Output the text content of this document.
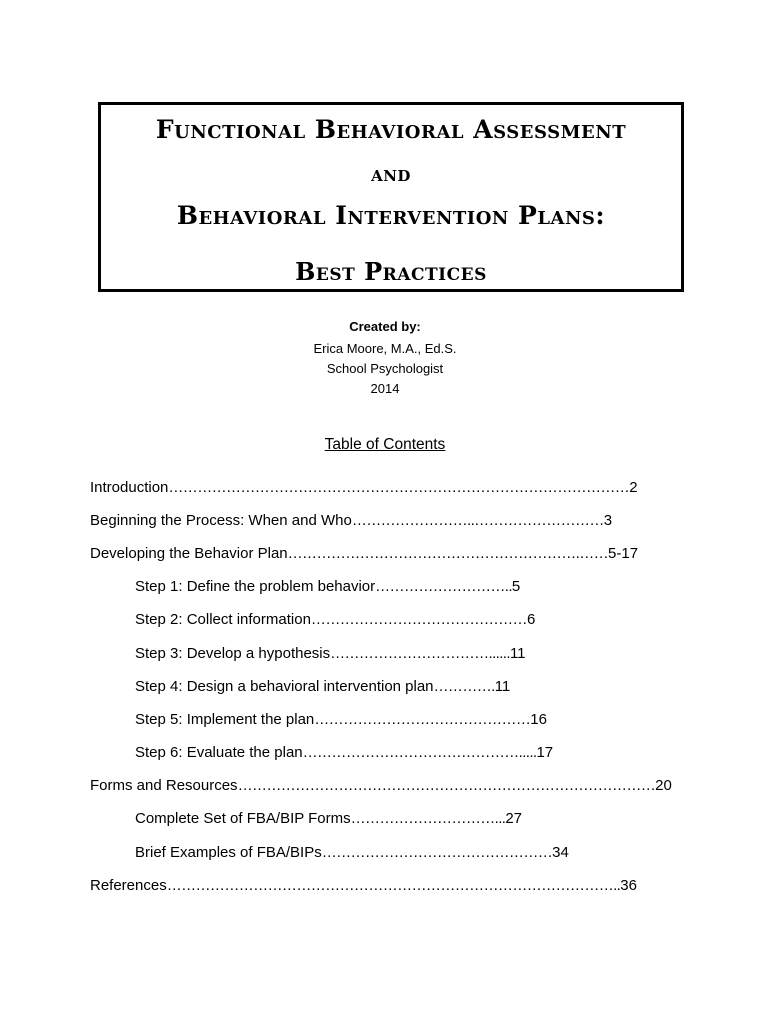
Functional Behavioral Assessment
and
Behavioral Intervention Plans:
Best Practices
Created by:
Erica Moore, M.A., Ed.S.
School Psychologist
2014
Table of Contents
Introduction……………………………………………………………………………………2
Beginning the Process: When and Who……………………..………………………3
Developing the Behavior Plan…………………………………………………….……5-17
Step 1: Define the problem behavior………………………..5
Step 2: Collect information………………………………………6
Step 3: Develop a hypothesis……………………………......11
Step 4: Design a behavioral intervention plan………….11
Step 5: Implement the plan………………………………………16
Step 6: Evaluate the plan……………………………………….....17
Forms and Resources……………………………………………………………………………20
Complete Set of FBA/BIP Forms…………………………...27
Brief Examples of FBA/BIPs…………………………………………34
References…………………………………………………………………………………..36
